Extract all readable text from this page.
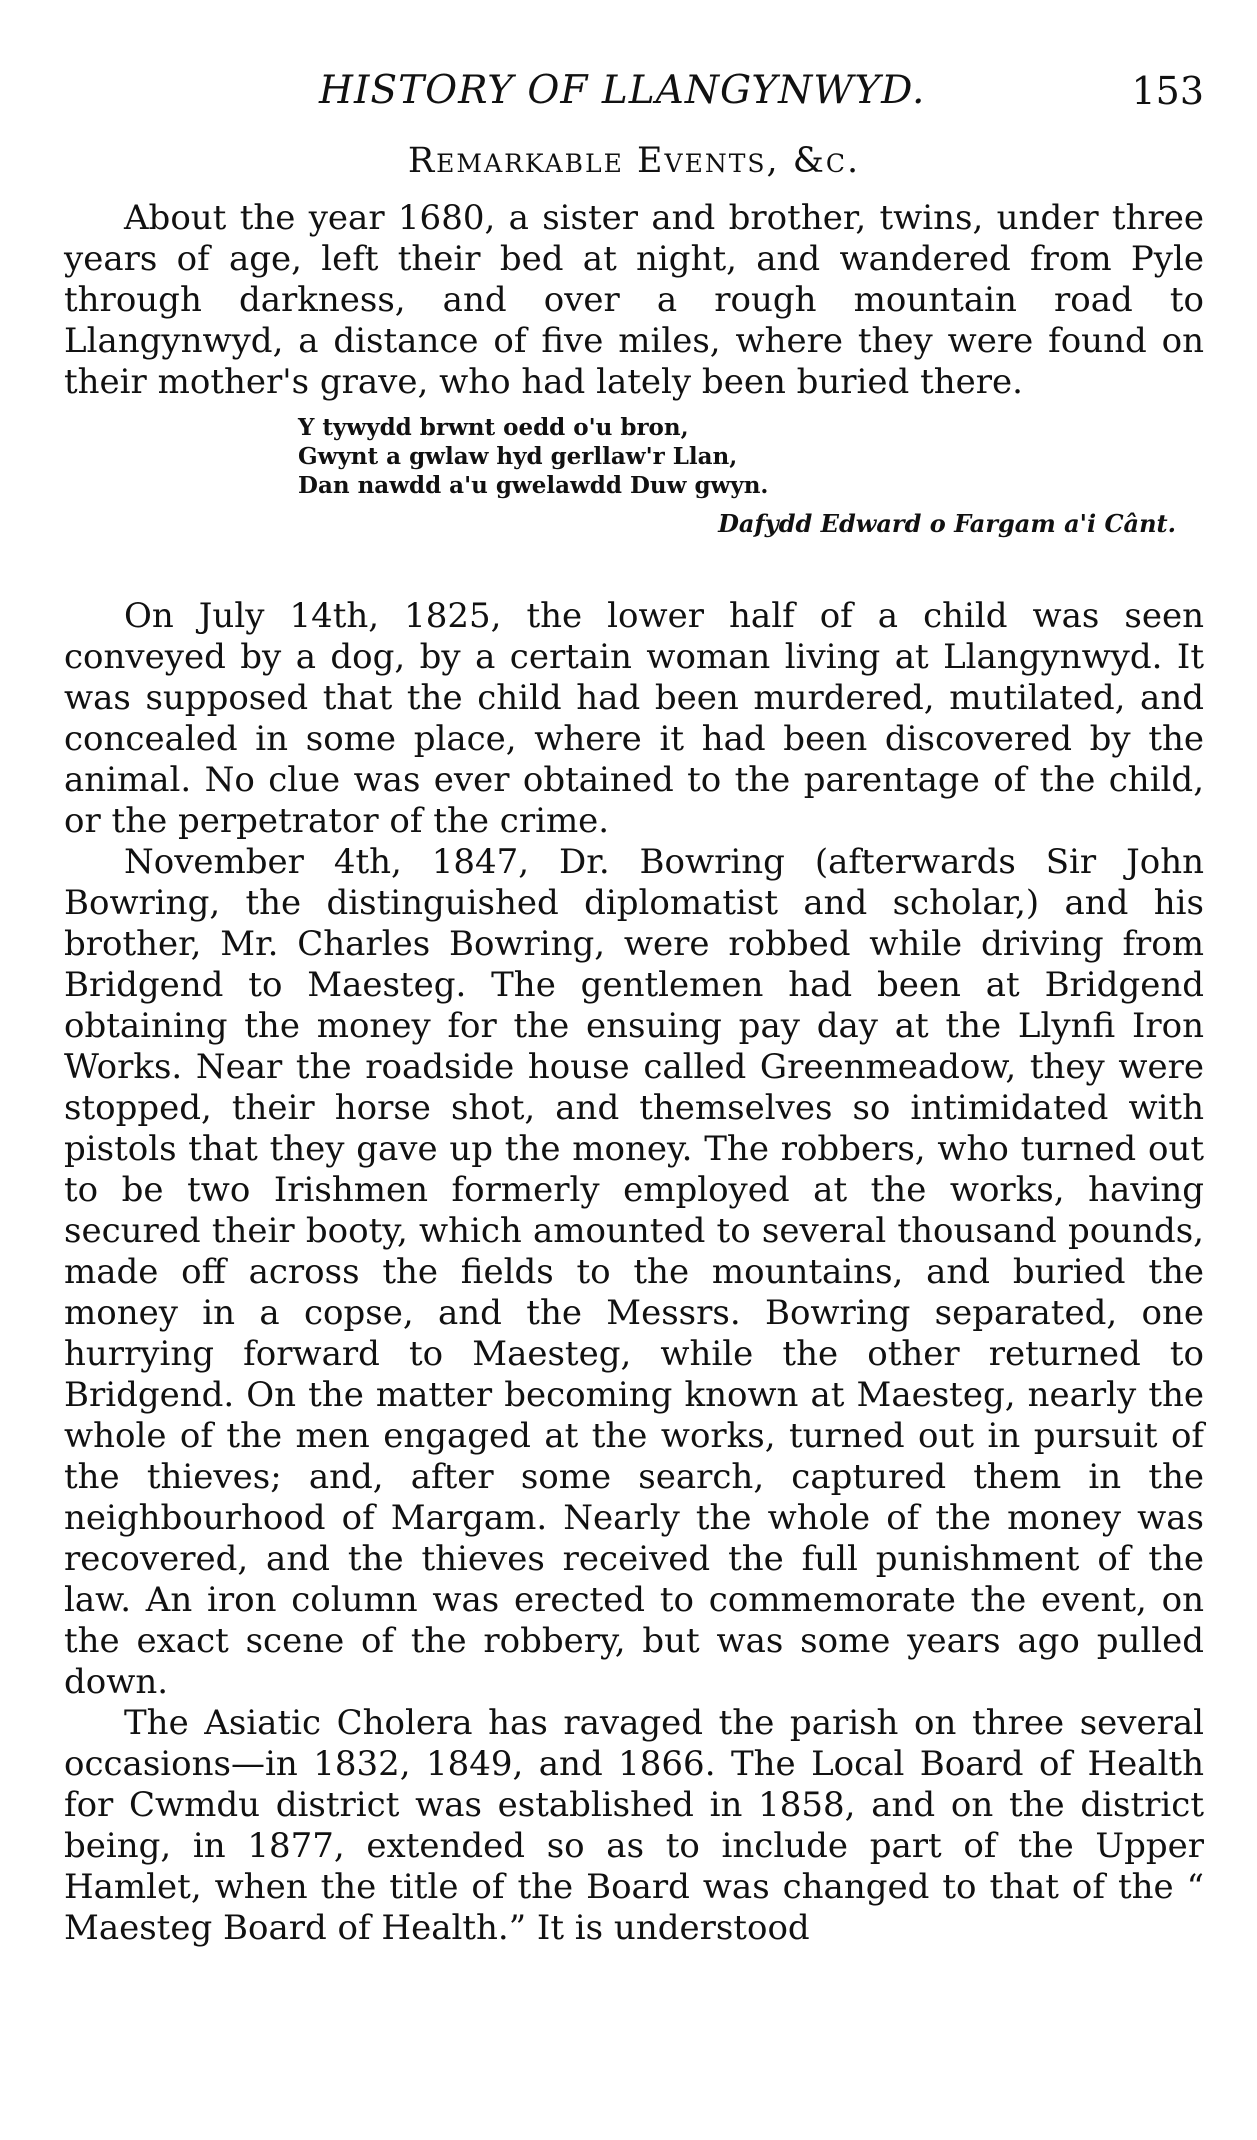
HISTORY OF LLANGYNWYD.	153
Remarkable Events, &c.

About the year 1680, a sister and brother, twins, under three years of age, left their bed at night, and wandered from Pyle through darkness, and over a rough mountain road to Llangynwyd, a distance of five miles, where they were found on their mother's grave, who had lately been buried there.

Y tywydd brwnt oedd o'u bron,
Gwynt a gwlaw hyd gerllaw'r Llan,
Dan nawdd a'u gwelawdd Duw gwyn.
Dafydd Edward o Fargam a'i Cânt.

On July 14th, 1825, the lower half of a child was seen conveyed by a dog, by a certain woman living at Llangynwyd. It was supposed that the child had been murdered, mutilated, and concealed in some place, where it had been discovered by the animal. No clue was ever obtained to the parentage of the child, or the perpetrator of the crime.

November 4th, 1847, Dr. Bowring (afterwards Sir John Bowring, the distinguished diplomatist and scholar,) and his brother, Mr. Charles Bowring, were robbed while driving from Bridgend to Maesteg. The gentlemen had been at Bridgend obtaining the money for the ensuing pay day at the Llynfi Iron Works. Near the roadside house called Greenmeadow, they were stopped, their horse shot, and themselves so intimidated with pistols that they gave up the money. The robbers, who turned out to be two Irishmen formerly employed at the works, having secured their booty, which amounted to several thousand pounds, made off across the fields to the mountains, and buried the money in a copse, and the Messrs. Bowring separated, one hurrying forward to Maesteg, while the other returned to Bridgend. On the matter becoming known at Maesteg, nearly the whole of the men engaged at the works, turned out in pursuit of the thieves; and, after some search, captured them in the neighbourhood of Margam. Nearly the whole of the money was recovered, and the thieves received the full punishment of the law. An iron column was erected to commemorate the event, on the exact scene of the robbery, but was some years ago pulled down.

The Asiatic Cholera has ravaged the parish on three several occasions—in 1832, 1849, and 1866. The Local Board of Health for Cwmdu district was established in 1858, and on the district being, in 1877, extended so as to include part of the Upper Hamlet, when the title of the Board was changed to that of the “ Maesteg Board of Health.” It is understood
